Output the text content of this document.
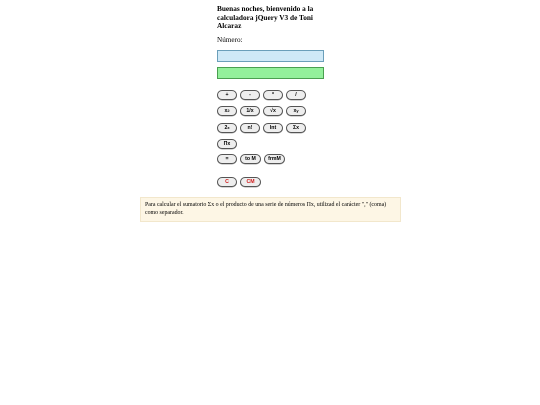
Buenas noches, bienvenido a la calculadora jQuery V3 de Toni Alcaraz
Número:
+	-	*	/
x 2	1/x	√x	x y
2 x	n!	Int	Σx
Πx
=	to M	frmM
C	CM
Para calcular el sumatorio Σx o el producto de una serie de números Πx, utilizad el carácter "," (coma) como separador.
